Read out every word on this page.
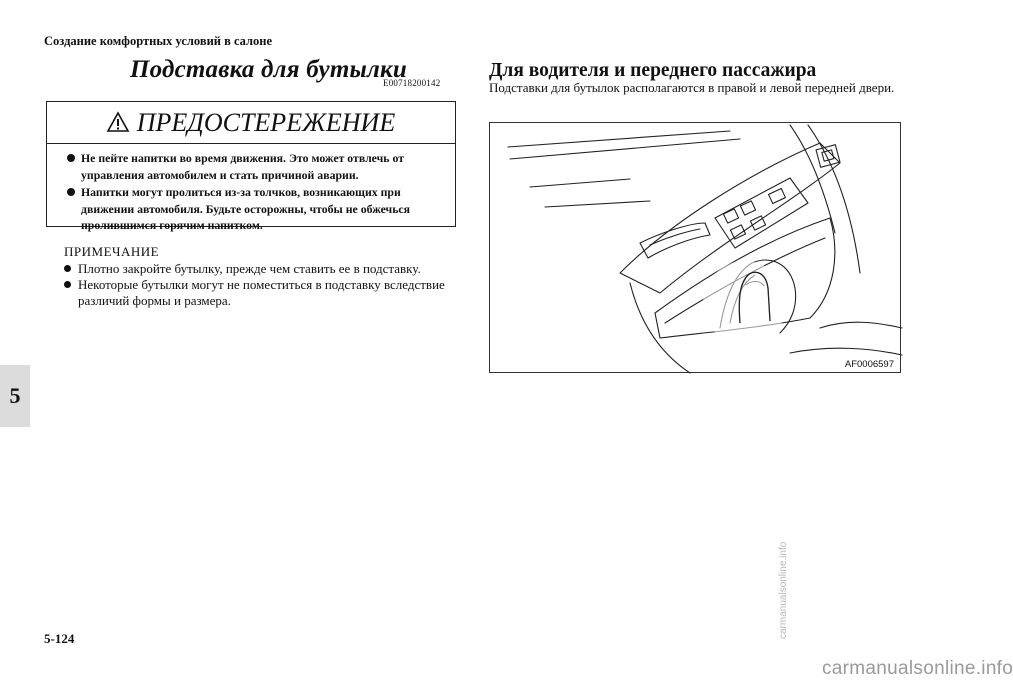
Создание комфортных условий в салоне
5
Подставка для бутылки
E00718200142
ПРЕДОСТЕРЕЖЕНИЕ
Не пейте напитки во время движения. Это может отвлечь от управления автомобилем и стать причиной аварии.
Напитки могут пролиться из-за толчков, возникающих при движении автомобиля. Будьте осторожны, чтобы не обжечься пролившимся горячим напитком.
ПРИМЕЧАНИЕ
Плотно закройте бутылку, прежде чем ставить ее в подставку.
Некоторые бутылки могут не поместиться в подставку вследствие различий формы и размера.
Для водителя и переднего пассажира
Подставки для бутылок располагаются в правой и левой передней двери.
AF0006597
5-124	carmanualsonline.info
carmanualsonline.info
